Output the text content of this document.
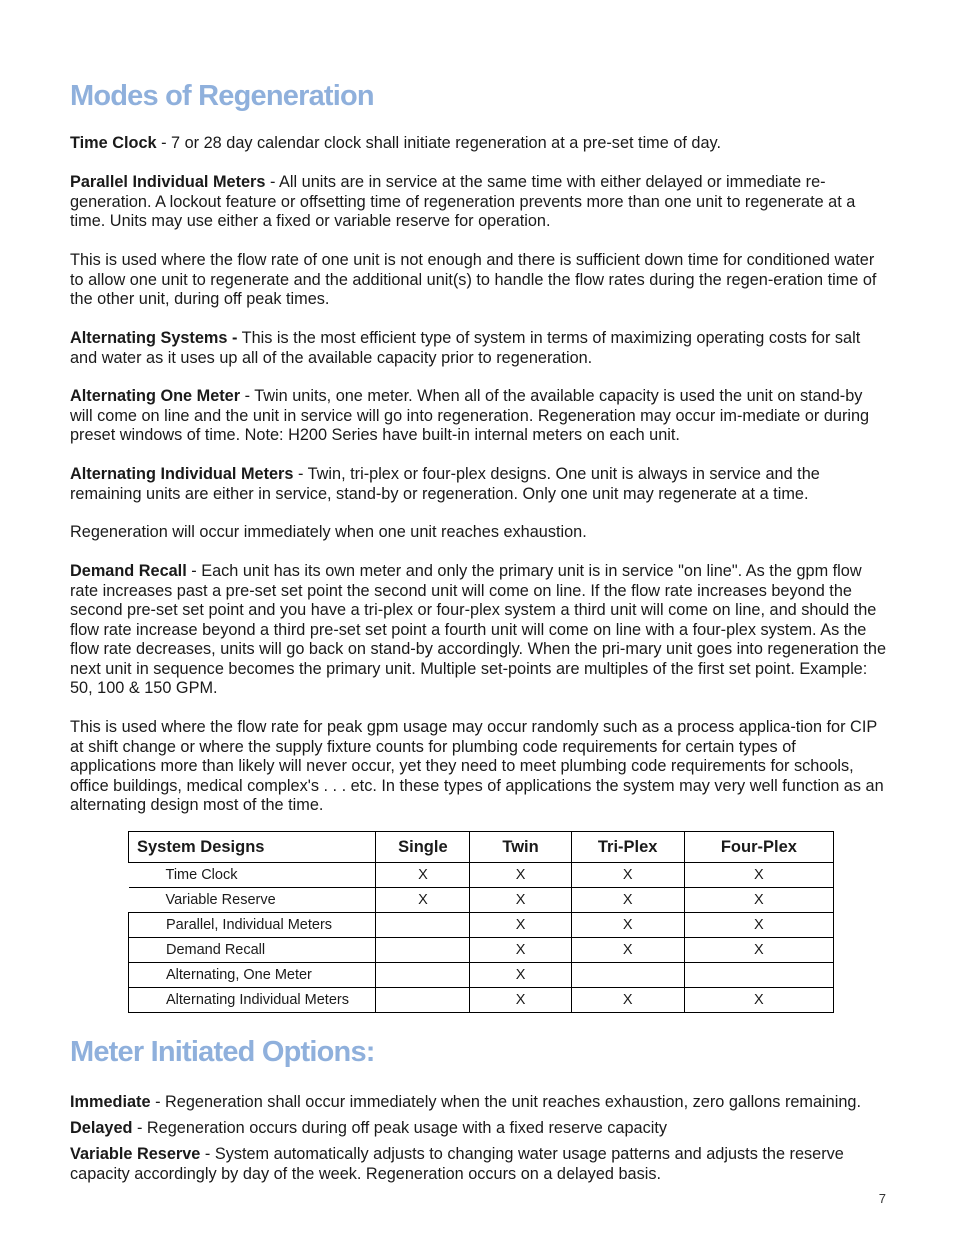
Modes of Regeneration

Time Clock - 7 or 28 day calendar clock shall initiate regeneration at a pre-set time of day.

Parallel Individual Meters - All units are in service at the same time with either delayed or immediate re-generation. A lockout feature or offsetting time of regeneration prevents more than one unit to regenerate at a time. Units may use either a fixed or variable reserve for operation.

This is used where the flow rate of one unit is not enough and there is sufficient down time for conditioned water to allow one unit to regenerate and the additional unit(s) to handle the flow rates during the regen-eration time of the other unit, during off peak times.

Alternating Systems - This is the most efficient type of system in terms of maximizing operating costs for salt and water as it uses up all of the available capacity prior to regeneration.

Alternating One Meter - Twin units, one meter. When all of the available capacity is used the unit on stand-by will come on line and the unit in service will go into regeneration. Regeneration may occur im-mediate or during preset windows of time. Note: H200 Series have built-in internal meters on each unit.

Alternating Individual Meters - Twin, tri-plex or four-plex designs. One unit is always in service and the remaining units are either in service, stand-by or regeneration. Only one unit may regenerate at a time.

Regeneration will occur immediately when one unit reaches exhaustion.

Demand Recall - Each unit has its own meter and only the primary unit is in service "on line". As the gpm flow rate increases past a pre-set set point the second unit will come on line. If the flow rate increases beyond the second pre-set set point and you have a tri-plex or four-plex system a third unit will come on line, and should the flow rate increase beyond a third pre-set set point a fourth unit will come on line with a four-plex system. As the flow rate decreases, units will go back on stand-by accordingly. When the pri-mary unit goes into regeneration the next unit in sequence becomes the primary unit. Multiple set-points are multiples of the first set point. Example: 50, 100 & 150 GPM.

This is used where the flow rate for peak gpm usage may occur randomly such as a process applica-tion for CIP at shift change or where the supply fixture counts for plumbing code requirements for certain types of applications more than likely will never occur, yet they need to meet plumbing code requirements for schools, office buildings, medical complex's . . . etc. In these types of applications the system may very well function as an alternating design most of the time.

System Designs	Single	Twin	Tri-Plex	Four-Plex
Time Clock	X	X	X	X
Variable Reserve	X	X	X	X
Parallel, Individual Meters		X	X	X
Demand Recall		X	X	X
Alternating, One Meter		X		
Alternating Individual Meters		X	X	X
Meter Initiated Options:

Immediate - Regeneration shall occur immediately when the unit reaches exhaustion, zero gallons remaining.

Delayed - Regeneration occurs during off peak usage with a fixed reserve capacity

Variable Reserve - System automatically adjusts to changing water usage patterns and adjusts the reserve capacity accordingly by day of the week. Regeneration occurs on a delayed basis.

7
